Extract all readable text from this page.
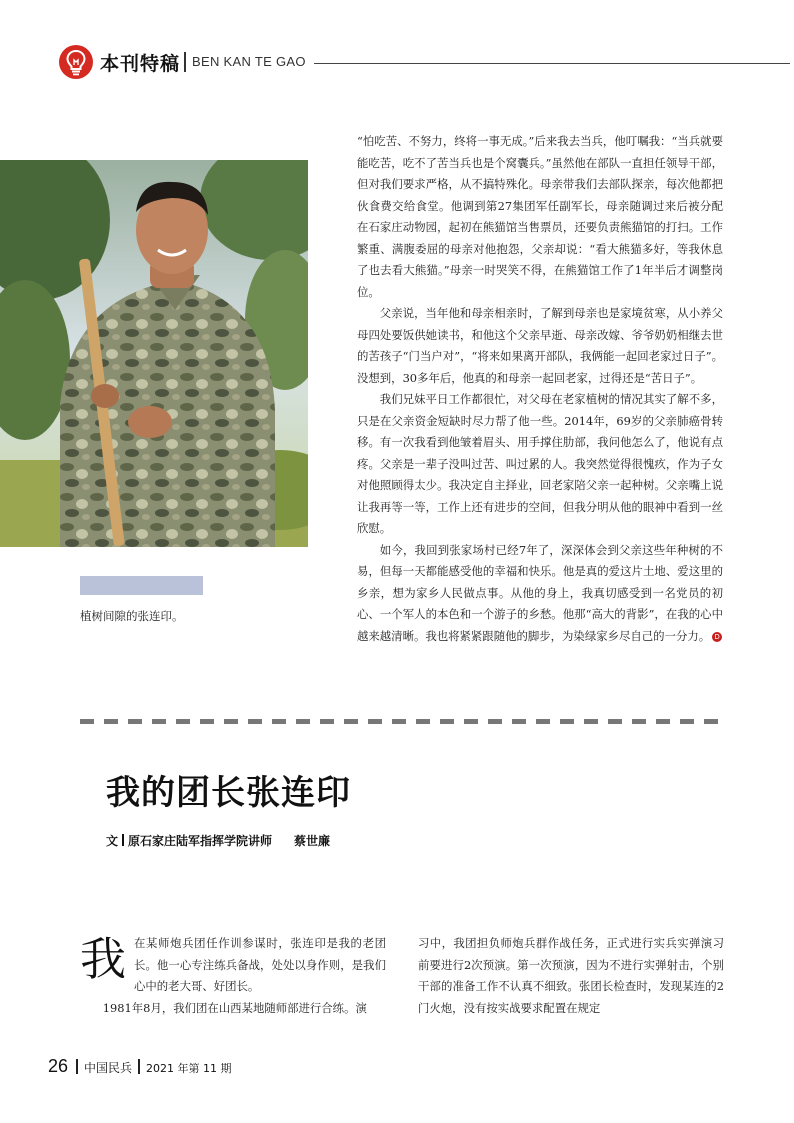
本刊特稿 BEN KAN TE GAO
植树间隙的张连印。

“怕吃苦、不努力，终将一事无成。”后来我去当兵，他叮嘱我：“当兵就要能吃苦，吃不了苦当兵也是个窝囊兵。”虽然他在部队一直担任领导干部，但对我们要求严格，从不搞特殊化。母亲带我们去部队探亲，每次他都把伙食费交给食堂。他调到第27集团军任副军长，母亲随调过来后被分配在石家庄动物园，起初在熊猫馆当售票员，还要负责熊猫馆的打扫。工作繁重、满腹委屈的母亲对他抱怨，父亲却说：“看大熊猫多好，等我休息了也去看大熊猫。”母亲一时哭笑不得，在熊猫馆工作了1年半后才调整岗位。

父亲说，当年他和母亲相亲时，了解到母亲也是家境贫寒，从小养父母四处要饭供她读书，和他这个父亲早逝、母亲改嫁、爷爷奶奶相继去世的苦孩子“门当户对”，“将来如果离开部队，我俩能一起回老家过日子”。没想到，30多年后，他真的和母亲一起回老家，过得还是“苦日子”。

我们兄妹平日工作都很忙，对父母在老家植树的情况其实了解不多，只是在父亲资金短缺时尽力帮了他一些。2014年，69岁的父亲肺癌骨转移。有一次我看到他皱着眉头、用手撑住肋部，我问他怎么了，他说有点疼。父亲是一辈子没叫过苦、叫过累的人。我突然觉得很愧疚，作为子女对他照顾得太少。我决定自主择业，回老家陪父亲一起种树。父亲嘴上说让我再等一等，工作上还有进步的空间，但我分明从他的眼神中看到一丝欣慰。

如今，我回到张家场村已经7年了，深深体会到父亲这些年种树的不易，但每一天都能感受他的幸福和快乐。他是真的爱这片土地、爱这里的乡亲，想为家乡人民做点事。从他的身上，我真切感受到一名党员的初心、一个军人的本色和一个游子的乡愁。他那“高大的背影”，在我的心中越来越清晰。我也将紧紧跟随他的脚步，为染绿家乡尽自己的一分力。 D

我的团长张连印
文 原石家庄陆军指挥学院讲师 蔡世廉
我 在某师炮兵团任作训参谋时，张连印是我的老团长。他一心专注练兵备战，处处以身作则，是我们心中的老大哥、好团长。

1981年8月，我们团在山西某地随师部进行合练。演

习中，我团担负师炮兵群作战任务，正式进行实兵实弹演习前要进行2次预演。第一次预演，因为不进行实弹射击，个别干部的准备工作不认真不细致。张团长检查时，发现某连的2门火炮，没有按实战要求配置在规定

26 中国民兵 2021 年第 11 期
